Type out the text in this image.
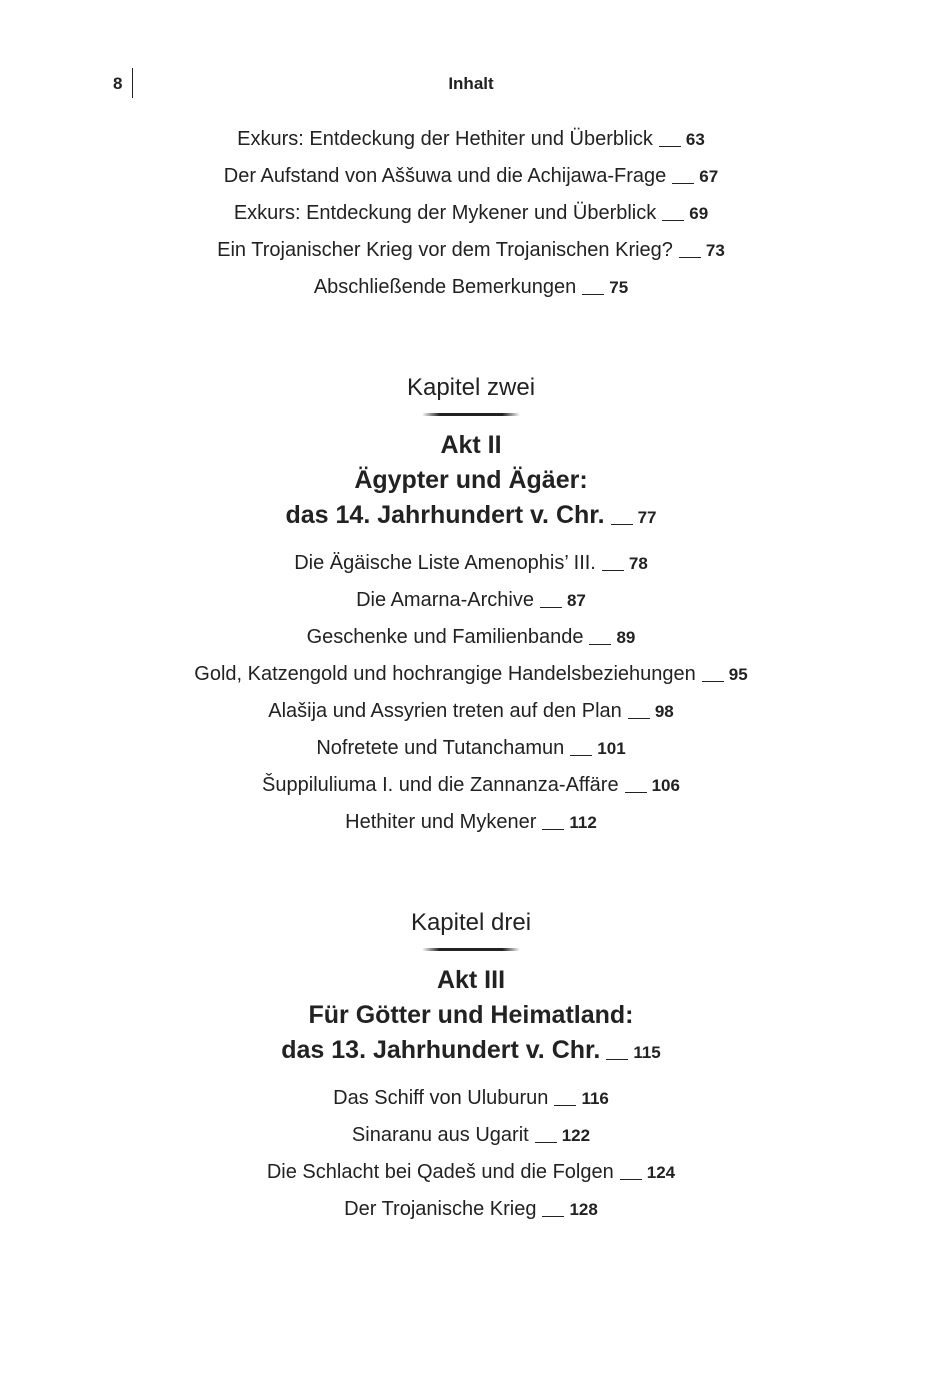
8	Inhalt
Exkurs: Entdeckung der Hethiter und Überblick 63
Der Aufstand von Aššuwa und die Achijawa-Frage 67
Exkurs: Entdeckung der Mykener und Überblick 69
Ein Trojanischer Krieg vor dem Trojanischen Krieg? 73
Abschließende Bemerkungen 75
Kapitel zwei
Akt II
Ägypter und Ägäer:
das 14. Jahrhundert v. Chr. 77
Die Ägäische Liste Amenophis’ III. 78
Die Amarna-Archive 87
Geschenke und Familienbande 89
Gold, Katzengold und hochrangige Handelsbeziehungen 95
Alašija und Assyrien treten auf den Plan 98
Nofretete und Tutanchamun 101
Šuppiluliuma I. und die Zannanza-Affäre 106
Hethiter und Mykener 112
Kapitel drei
Akt III
Für Götter und Heimatland:
das 13. Jahrhundert v. Chr. 115
Das Schiff von Uluburun 116
Sinaranu aus Ugarit 122
Die Schlacht bei Qadeš und die Folgen 124
Der Trojanische Krieg 128
